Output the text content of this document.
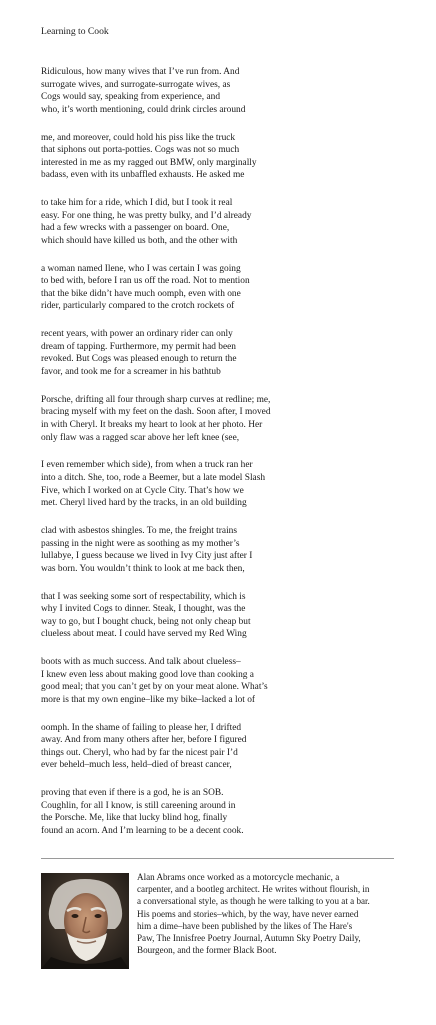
Learning to Cook
Ridiculous, how many wives that I’ve run from. And
surrogate wives, and surrogate-surrogate wives, as
Cogs would say, speaking from experience, and
who, it’s worth mentioning, could drink circles around
me, and moreover, could hold his piss like the truck
that siphons out porta-potties. Cogs was not so much
interested in me as my ragged out BMW, only marginally
badass, even with its unbaffled exhausts. He asked me
to take him for a ride, which I did, but I took it real
easy. For one thing, he was pretty bulky, and I’d already
had a few wrecks with a passenger on board. One,
which should have killed us both, and the other with
a woman named Ilene, who I was certain I was going
to bed with, before I ran us off the road. Not to mention
that the bike didn’t have much oomph, even with one
rider, particularly compared to the crotch rockets of
recent years, with power an ordinary rider can only
dream of tapping. Furthermore, my permit had been
revoked. But Cogs was pleased enough to return the
favor, and took me for a screamer in his bathtub
Porsche, drifting all four through sharp curves at redline; me,
bracing myself with my feet on the dash. Soon after, I moved
in with Cheryl. It breaks my heart to look at her photo. Her
only flaw was a ragged scar above her left knee (see,
I even remember which side), from when a truck ran her
into a ditch. She, too, rode a Beemer, but a late model Slash
Five, which I worked on at Cycle City. That’s how we
met. Cheryl lived hard by the tracks, in an old building
clad with asbestos shingles. To me, the freight trains
passing in the night were as soothing as my mother’s
lullabye, I guess because we lived in Ivy City just after I
was born. You wouldn’t think to look at me back then,
that I was seeking some sort of respectability, which is
why I invited Cogs to dinner. Steak, I thought, was the
way to go, but I bought chuck, being not only cheap but
clueless about meat. I could have served my Red Wing
boots with as much success. And talk about clueless–
I knew even less about making good love than cooking a
good meal; that you can’t get by on your meat alone. What’s
more is that my own engine–like my bike–lacked a lot of
oomph. In the shame of failing to please her, I drifted
away. And from many others after her, before I figured
things out. Cheryl, who had by far the nicest pair I’d
ever beheld–much less, held–died of breast cancer,
proving that even if there is a god, he is an SOB.
Coughlin, for all I know, is still careening around in
the Porsche. Me, like that lucky blind hog, finally
found an acorn. And I’m learning to be a decent cook.
Alan Abrams once worked as a motorcycle mechanic, a
carpenter, and a bootleg architect. He writes without flourish, in
a conversational style, as though he were talking to you at a bar.
His poems and stories–which, by the way, have never earned
him a dime–have been published by the likes of The Hare's
Paw, The Innisfree Poetry Journal, Autumn Sky Poetry Daily,
Bourgeon, and the former Black Boot.
